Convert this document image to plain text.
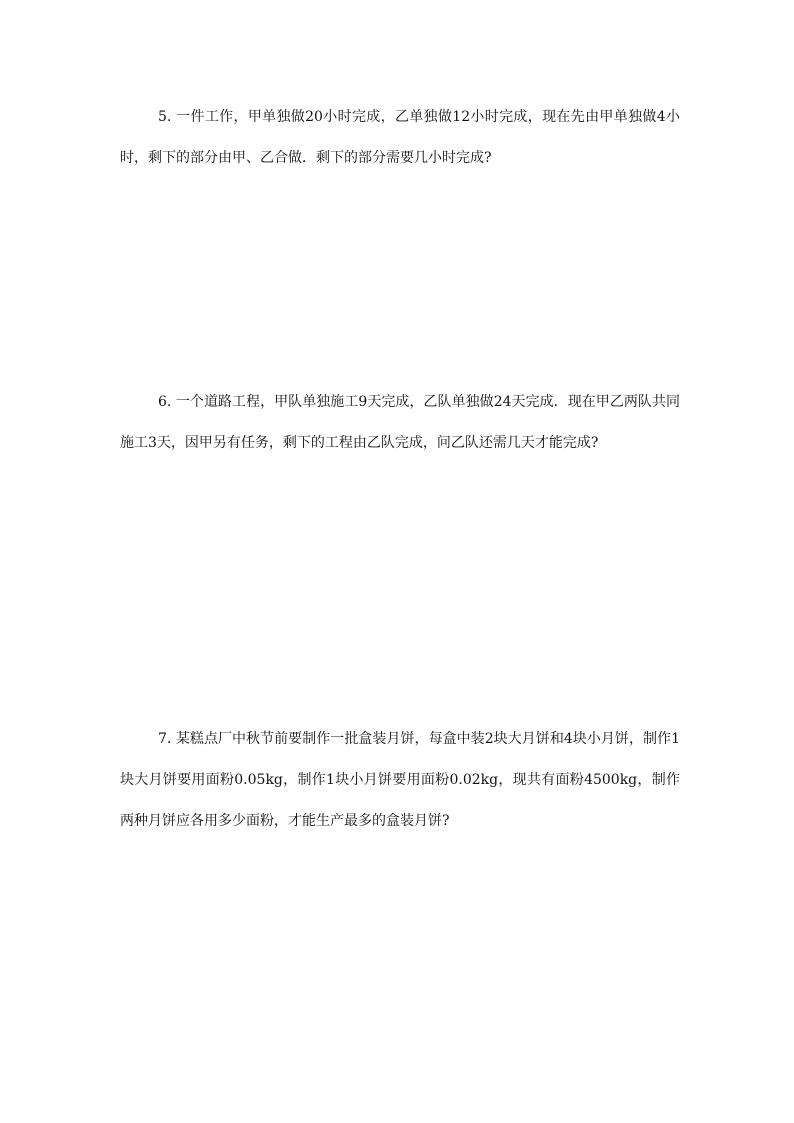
5. 一件工作，甲单独做20小时完成，乙单独做12小时完成，现在先由甲单独做4小时，剩下的部分由甲、乙合做．剩下的部分需要几小时完成?

6. 一个道路工程，甲队单独施工9天完成，乙队单独做24天完成．现在甲乙两队共同施工3天，因甲另有任务，剩下的工程由乙队完成，问乙队还需几天才能完成?

7. 某糕点厂中秋节前要制作一批盒装月饼，每盒中装2块大月饼和4块小月饼，制作1块大月饼要用面粉0.05kg，制作1块小月饼要用面粉0.02kg，现共有面粉4500kg，制作两种月饼应各用多少面粉，才能生产最多的盒装月饼?
